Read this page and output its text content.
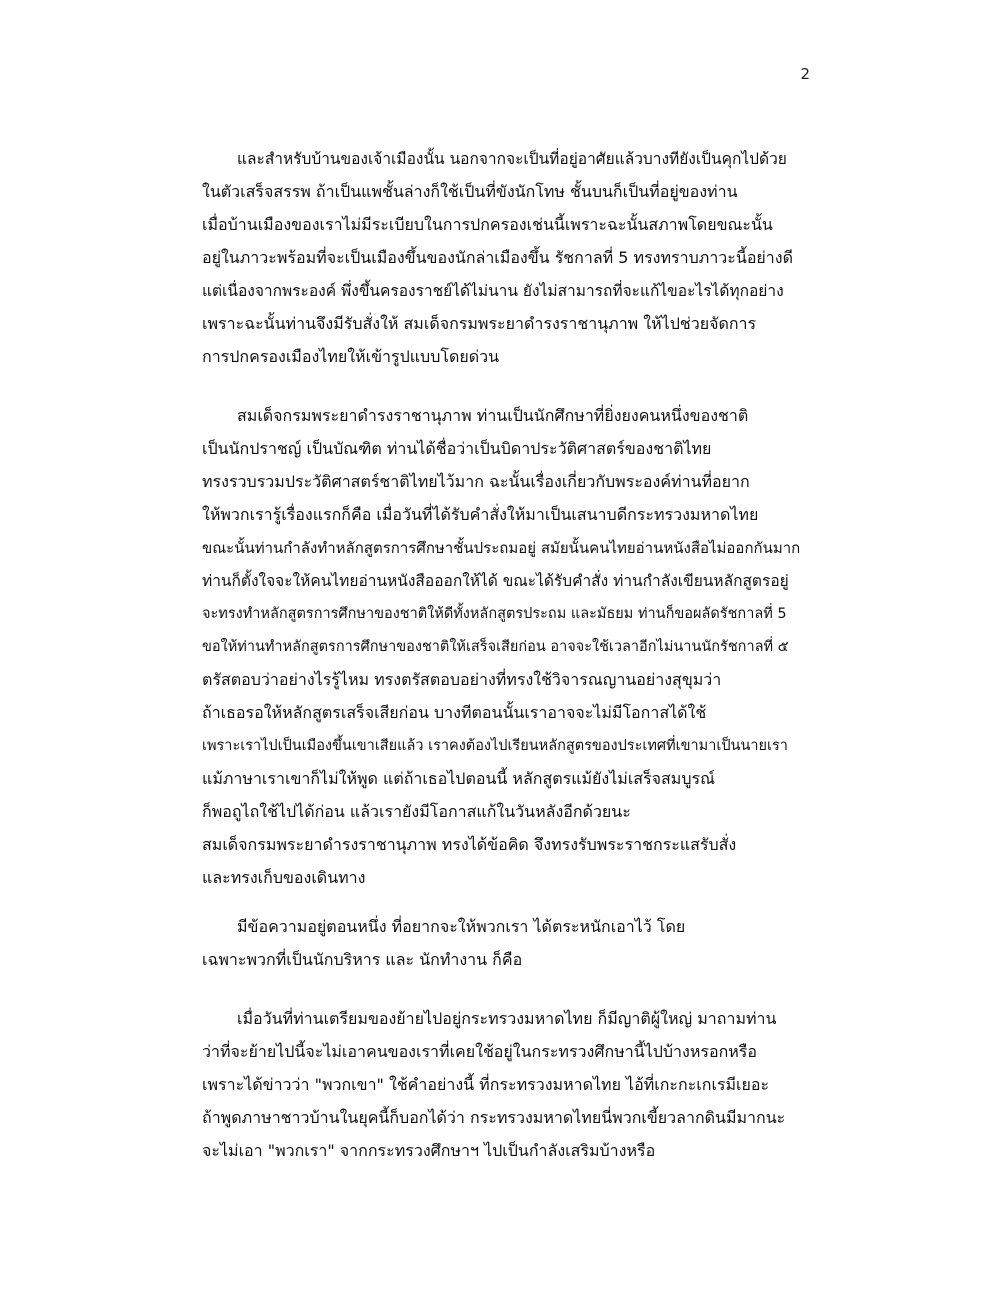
2
และสำหรับบ้านของเจ้าเมืองนั้น นอกจากจะเป็นที่อยู่อาศัยแล้วบางทียังเป็นคุกไปด้วย
ในตัวเสร็จสรรพ ถ้าเป็นแพชั้นล่างก็ใช้เป็นที่ขังนักโทษ ชั้นบนก็เป็นที่อยู่ของท่าน
เมื่อบ้านเมืองของเราไม่มีระเบียบในการปกครองเช่นนี้เพราะฉะนั้นสภาพโดยขณะนั้น
อยู่ในภาวะพร้อมที่จะเป็นเมืองขึ้นของนักล่าเมืองขึ้น รัชกาลที่ 5 ทรงทราบภาวะนี้อย่างดี
แต่เนื่องจากพระองค์ พึ่งขึ้นครองราชย์ได้ไม่นาน ยังไม่สามารถที่จะแก้ไขอะไรได้ทุกอย่าง
เพราะฉะนั้นท่านจึงมีรับสั่งให้ สมเด็จกรมพระยาดำรงราชานุภาพ ให้ไปช่วยจัดการ
การปกครองเมืองไทยให้เข้ารูปแบบโดยด่วน
สมเด็จกรมพระยาดำรงราชานุภาพ ท่านเป็นนักศึกษาที่ยิ่งยงคนหนึ่งของชาติ
เป็นนักปราชญ์ เป็นบัณฑิต ท่านได้ชื่อว่าเป็นบิดาประวัติศาสตร์ของชาติไทย
ทรงรวบรวมประวัติศาสตร์ชาติไทยไว้มาก ฉะนั้นเรื่องเกี่ยวกับพระองค์ท่านที่อยาก
ให้พวกเรารู้เรื่องแรกก็คือ เมื่อวันที่ได้รับคำสั่งให้มาเป็นเสนาบดีกระทรวงมหาดไทย
ขณะนั้นท่านกำลังทำหลักสูตรการศึกษาชั้นประถมอยู่ สมัยนั้นคนไทยอ่านหนังสือไม่ออกกันมาก
ท่านก็ตั้งใจจะให้คนไทยอ่านหนังสือออกให้ได้ ขณะได้รับคำสั่ง ท่านกำลังเขียนหลักสูตรอยู่
จะทรงทำหลักสูตรการศึกษาของชาติให้ดีทั้งหลักสูตรประถม และมัธยม ท่านก็ขอผลัดรัชกาลที่ 5
ขอให้ท่านทำหลักสูตรการศึกษาของชาติให้เสร็จเสียก่อน อาจจะใช้เวลาอีกไม่นานนักรัชกาลที่ ๕
ตรัสตอบว่าอย่างไรรู้ไหม ทรงตรัสตอบอย่างที่ทรงใช้วิจารณญานอย่างสุขุมว่า
ถ้าเธอรอให้หลักสูตรเสร็จเสียก่อน บางทีตอนนั้นเราอาจจะไม่มีโอกาสได้ใช้
เพราะเราไปเป็นเมืองขึ้นเขาเสียแล้ว เราคงต้องไปเรียนหลักสูตรของประเทศที่เขามาเป็นนายเรา
แม้ภาษาเราเขาก็ไม่ให้พูด แต่ถ้าเธอไปตอนนี้ หลักสูตรแม้ยังไม่เสร็จสมบูรณ์
ก็พอถูไถใช้ไปได้ก่อน แล้วเรายังมีโอกาสแก้ในวันหลังอีกด้วยนะ
สมเด็จกรมพระยาดำรงราชานุภาพ ทรงได้ข้อคิด จึงทรงรับพระราชกระแสรับสั่ง
และทรงเก็บของเดินทาง
มีข้อความอยู่ตอนหนึ่ง ที่อยากจะให้พวกเรา ได้ตระหนักเอาไว้ โดย
เฉพาะพวกที่เป็นนักบริหาร และ นักทำงาน ก็คือ
เมื่อวันที่ท่านเตรียมของย้ายไปอยู่กระทรวงมหาดไทย ก็มีญาติผู้ใหญ่ มาถามท่าน
ว่าที่จะย้ายไปนี้จะไม่เอาคนของเราที่เคยใช้อยู่ในกระทรวงศึกษานี้ไปบ้างหรอกหรือ
เพราะได้ข่าวว่า "พวกเขา" ใช้คำอย่างนี้ ที่กระทรวงมหาดไทย ไอ้ที่เกะกะเกเรมีเยอะ
ถ้าพูดภาษาชาวบ้านในยุคนี้ก็บอกได้ว่า กระทรวงมหาดไทยนี่พวกเขี้ยวลากดินมีมากนะ
จะไม่เอา "พวกเรา" จากกระทรวงศึกษาฯ ไปเป็นกำลังเสริมบ้างหรือ
